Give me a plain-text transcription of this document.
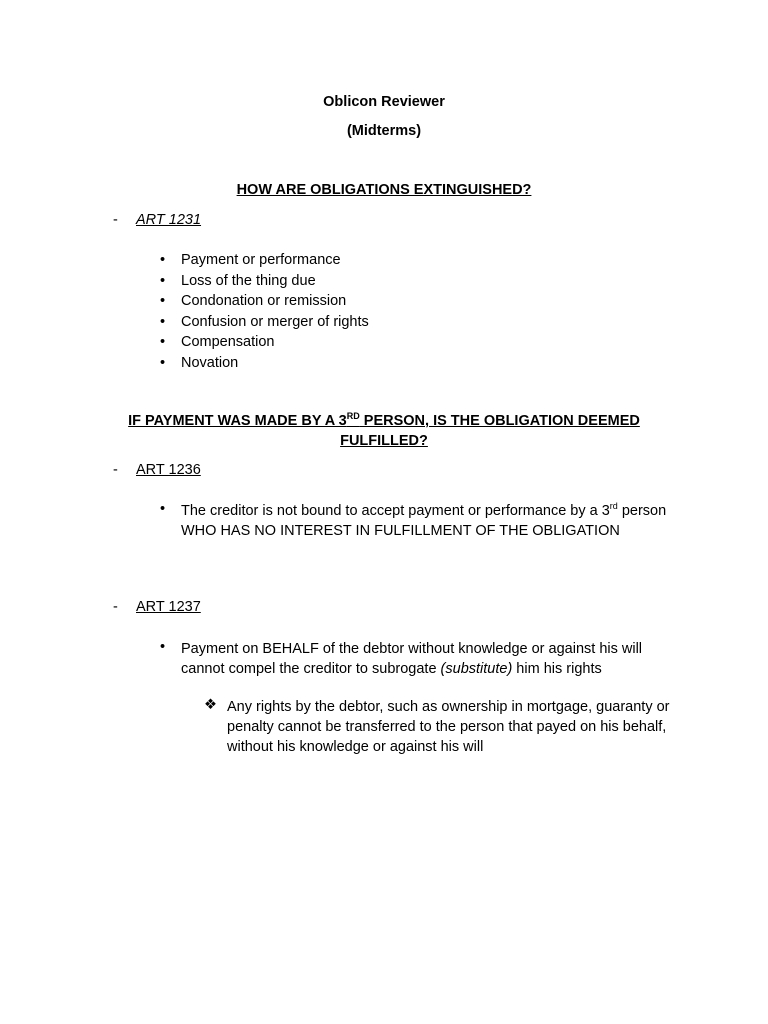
Oblicon Reviewer
(Midterms)
HOW ARE OBLIGATIONS EXTINGUISHED?
- ART 1231
• Payment or performance
• Loss of the thing due
• Condonation or remission
• Confusion or merger of rights
• Compensation
• Novation
IF PAYMENT WAS MADE BY A 3RD PERSON, IS THE OBLIGATION DEEMED
FULFILLED?
- ART 1236
• The creditor is not bound to accept payment or performance by a 3rd person WHO HAS NO INTEREST IN FULFILLMENT OF THE OBLIGATION
- ART 1237
• Payment on BEHALF of the debtor without knowledge or against his will cannot compel the creditor to subrogate (substitute) him his rights
❖ Any rights by the debtor, such as ownership in mortgage, guaranty or penalty cannot be transferred to the person that payed on his behalf, without his knowledge or against his will
